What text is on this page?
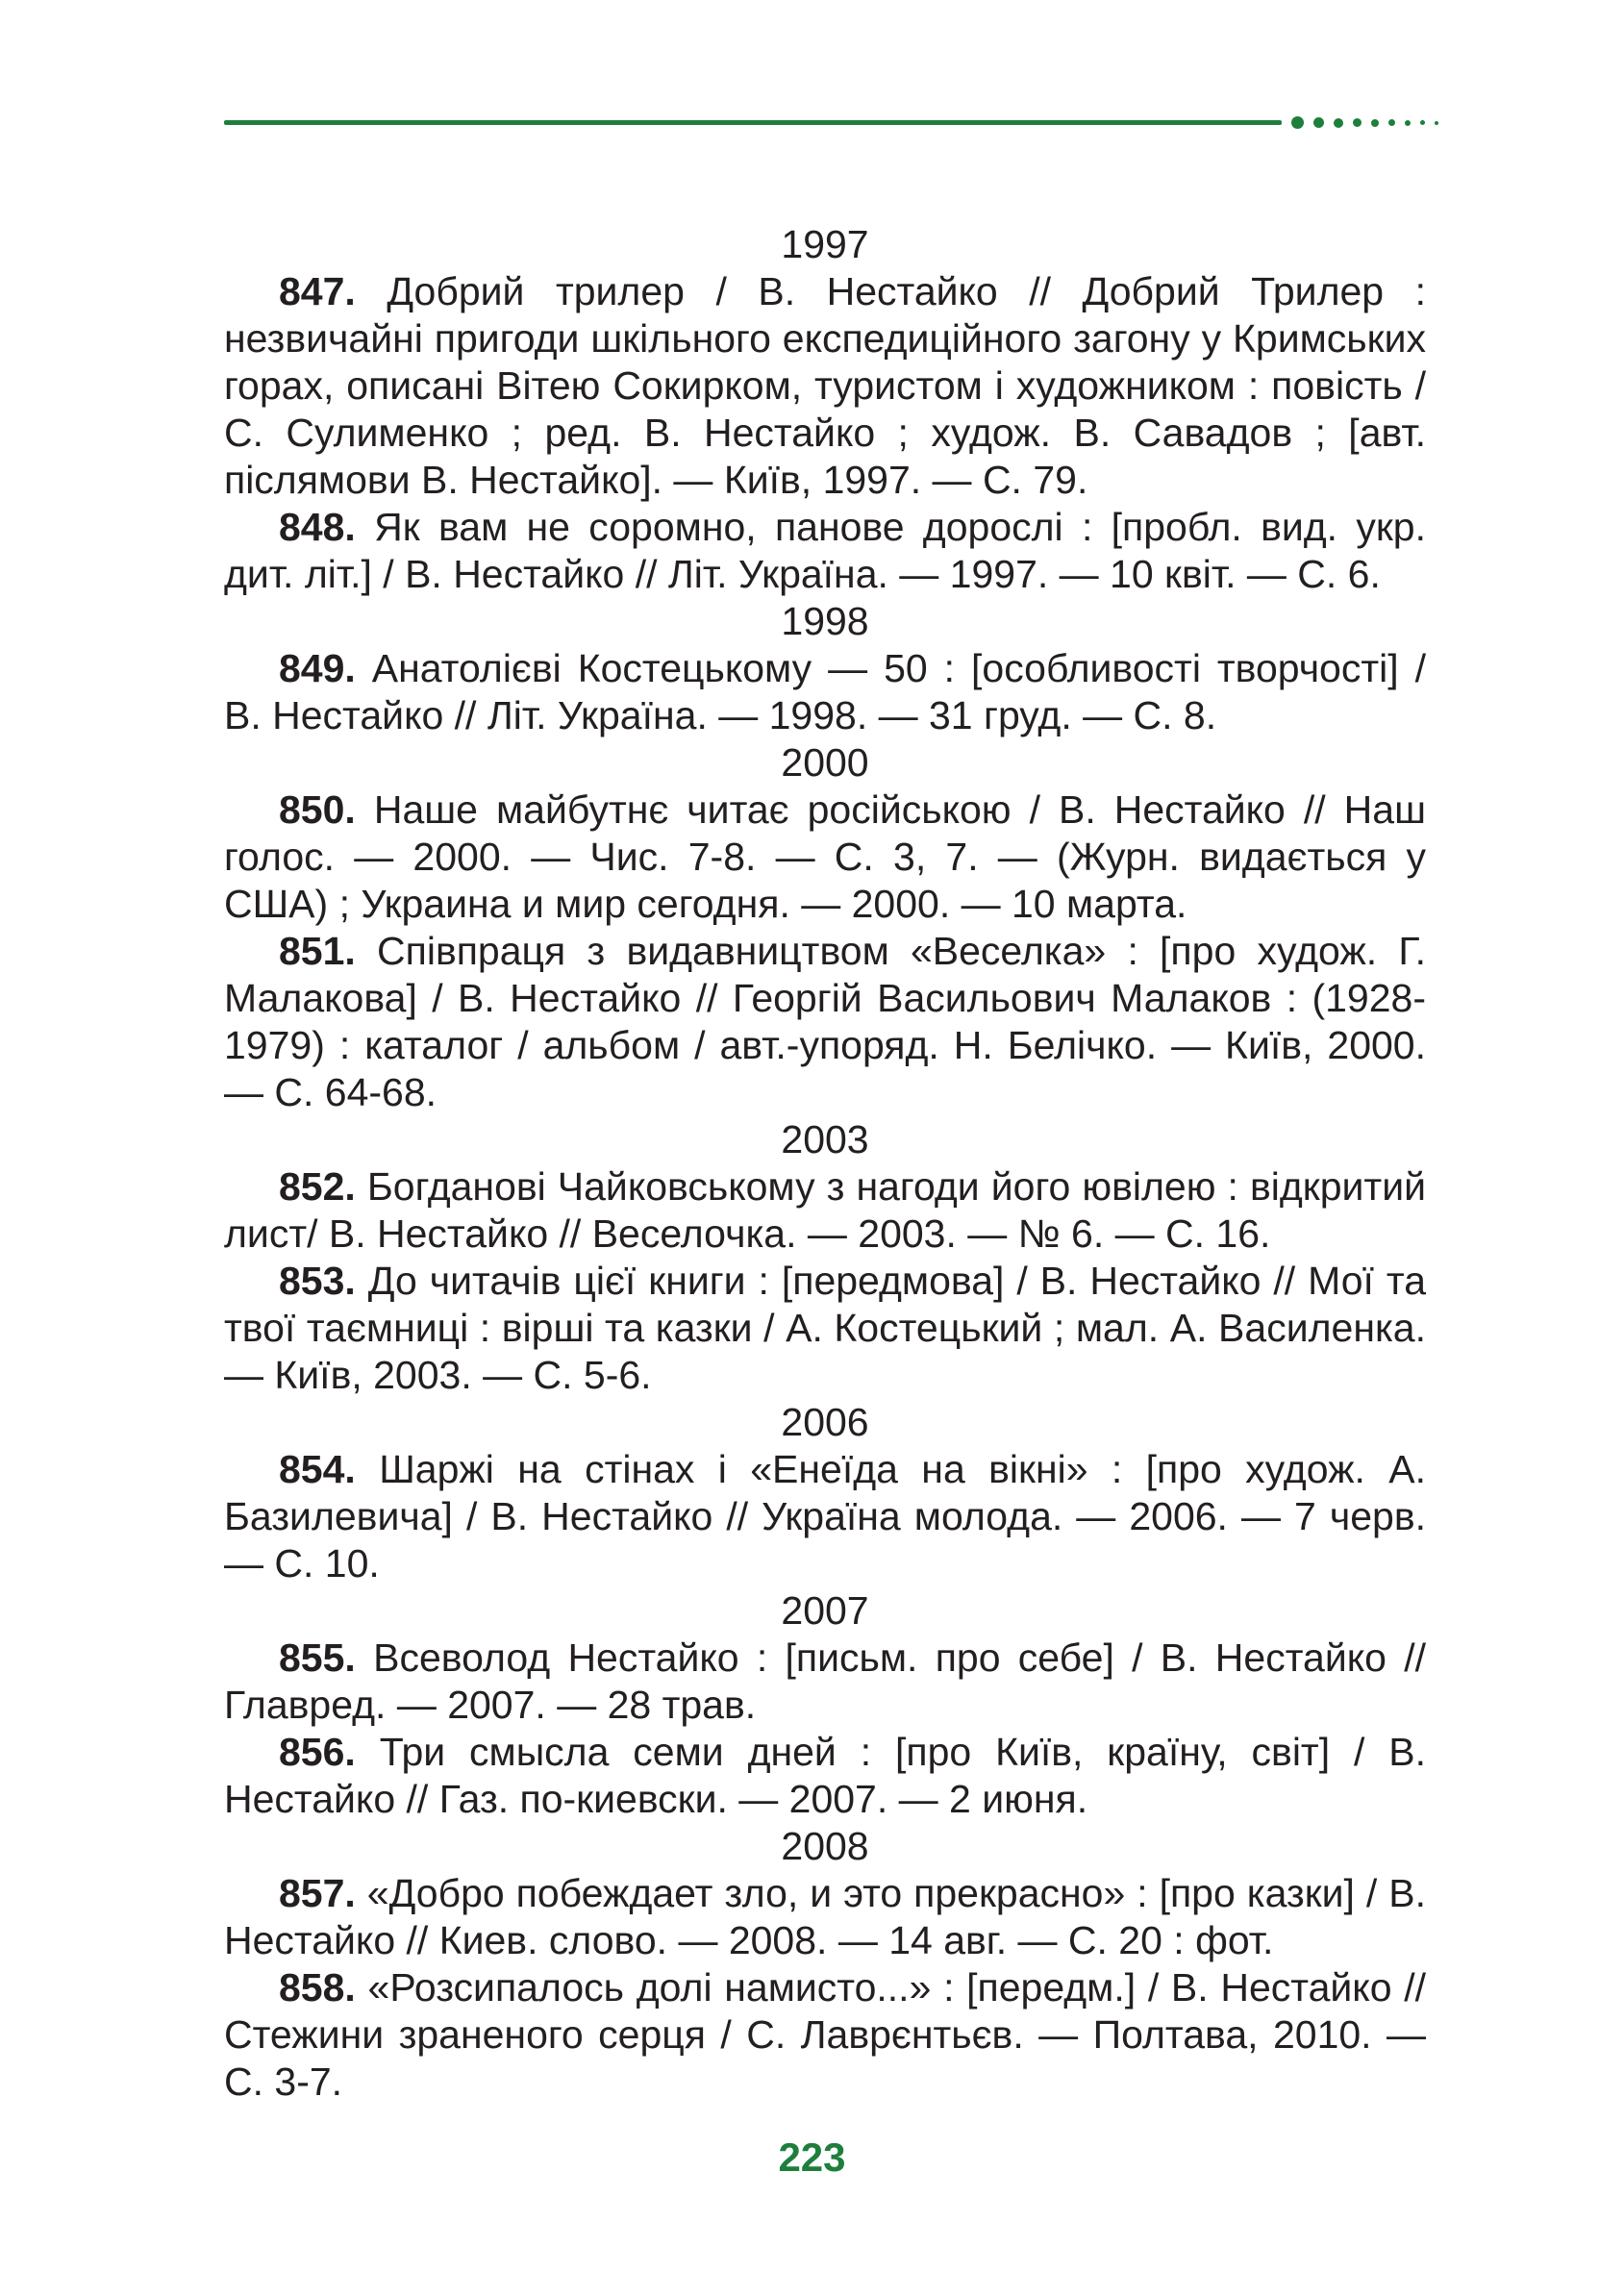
1997

847. Добрий трилер / В. Нестайко // Добрий Трилер : незвичайні пригоди шкільного експедиційного загону у Кримських горах, описані Вітею Сокирком, туристом і художником : повість / С. Сулименко ; ред. В. Нестайко ; худож. В. Савадов ; [авт. післямови В. Нестайко]. — Київ, 1997. — С. 79.

848. Як вам не соромно, панове дорослі : [пробл. вид. укр. дит. літ.] / В. Нестайко // Літ. Україна. — 1997. — 10 квіт. — С. 6.

1998

849. Анатолієві Костецькому — 50 : [особливості творчості] / В. Нестайко // Літ. Україна. — 1998. — 31 груд. — С. 8.

2000

850. Наше майбутнє читає російською / В. Нестайко // Наш голос. — 2000. — Чис. 7-8. — С. 3, 7. — (Журн. видається у США) ; Украина и мир сегодня. — 2000. — 10 марта.

851. Співпраця з видавництвом «Веселка» : [про худож. Г. Малакова] / В. Нестайко // Георгій Васильович Малаков : (1928-1979) : каталог / альбом / авт.-упоряд. Н. Белічко. — Київ, 2000. — С. 64-68.

2003

852. Богданові Чайковському з нагоди його ювілею : відкритий лист/ В. Нестайко // Веселочка. — 2003. — № 6. — С. 16.

853. До читачів цієї книги : [передмова] / В. Нестайко // Мої та твої таємниці : вірші та казки / А. Костецький ; мал. А. Василенка. — Київ, 2003. — С. 5-6.

2006

854. Шаржі на стінах і «Енеїда на вікні» : [про худож. А. Базилевича] / В. Нестайко // Україна молода. — 2006. — 7 черв. — С. 10.

2007

855. Всеволод Нестайко : [письм. про себе] / В. Нестайко // Главред. — 2007. — 28 трав.

856. Три смысла семи дней : [про Київ, країну, світ] / В. Нестайко // Газ. по-киевски. — 2007. — 2 июня.

2008

857. «Добро побеждает зло, и это прекрасно» : [про казки] / В. Нестайко // Киев. слово. — 2008. — 14 авг. — С. 20 : фот.

858. «Розсипалось долі намисто...» : [передм.] / В. Нестайко // Стежини зраненого серця / С. Лаврєнтьєв. — Полтава, 2010. — С. 3-7.

223
